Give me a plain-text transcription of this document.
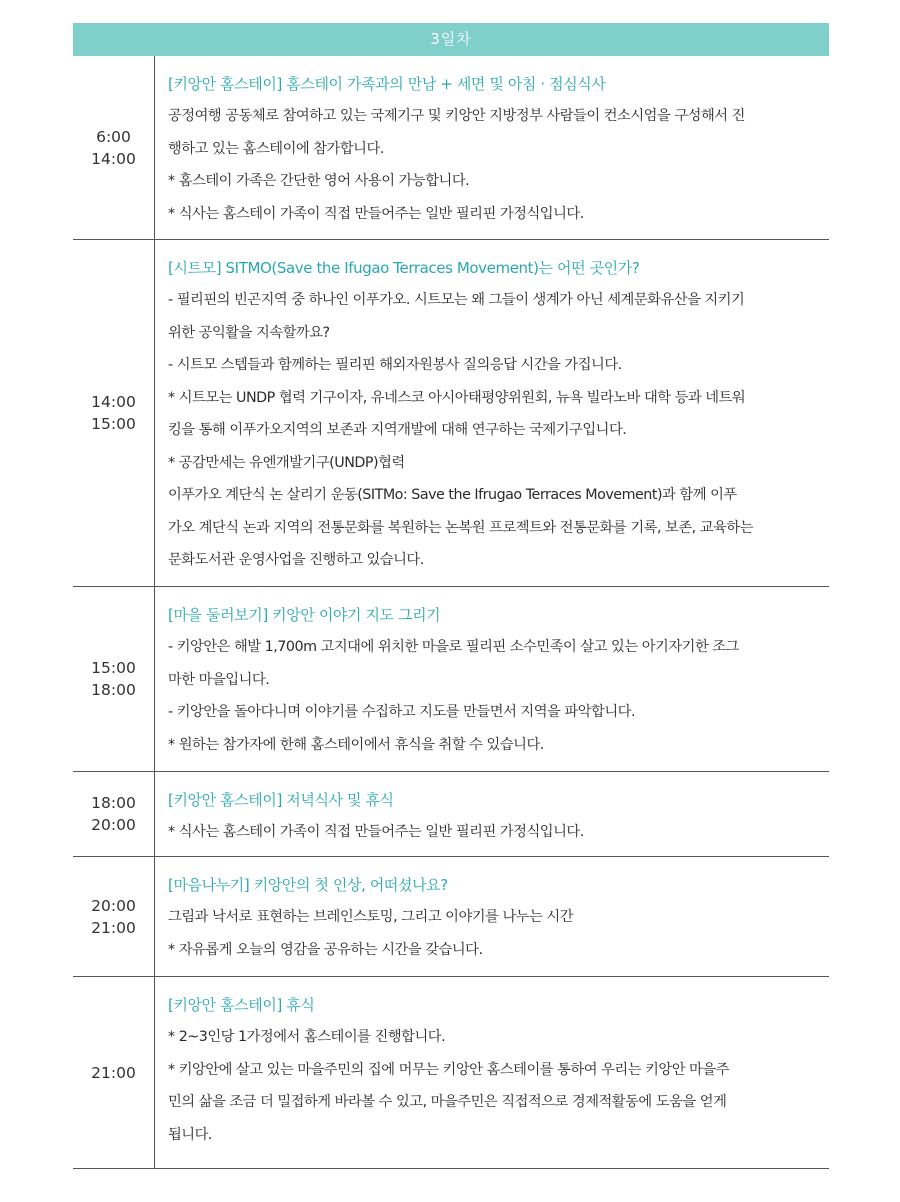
3일차
6:00
14:00
[키앙안 홈스테이] 홈스테이 가족과의 만남 + 세면 및 아침 · 점심식사
공정여행 공동체로 참여하고 있는 국제기구 및 키앙안 지방정부 사람들이 컨소시엄을 구성해서 진
행하고 있는 홈스테이에 참가합니다.
* 홈스테이 가족은 간단한 영어 사용이 가능합니다.
* 식사는 홈스테이 가족이 직접 만들어주는 일반 필리핀 가정식입니다.
14:00
15:00
[시트모] SITMO(Save the Ifugao Terraces Movement)는 어떤 곳인가?
- 필리핀의 빈곤지역 중 하나인 이푸가오. 시트모는 왜 그들이 생계가 아닌 세계문화유산을 지키기
위한 공익활을 지속할까요?
- 시트모 스텝들과 함께하는 필리핀 해외자원봉사 질의응답 시간을 가집니다.
* 시트모는 UNDP 협력 기구이자, 유네스코 아시아태평양위원회, 뉴욕 빌라노바 대학 등과 네트워
킹을 통해 이푸가오지역의 보존과 지역개발에 대해 연구하는 국제기구입니다.
* 공감만세는 유엔개발기구(UNDP)협력
이푸가오 계단식 논 살리기 운동(SITMo: Save the Ifrugao Terraces Movement)과 함께 이푸
가오 계단식 논과 지역의 전통문화를 복원하는 논복원 프로젝트와 전통문화를 기록, 보존, 교육하는
문화도서관 운영사업을 진행하고 있습니다.
15:00
18:00
[마을 둘러보기] 키앙안 이야기 지도 그리기
- 키앙안은 해발 1,700m 고지대에 위치한 마을로 필리핀 소수민족이 살고 있는 아기자기한 조그
마한 마을입니다.
- 키앙안을 돌아다니며 이야기를 수집하고 지도를 만들면서 지역을 파악합니다.
* 원하는 참가자에 한해 홈스테이에서 휴식을 취할 수 있습니다.
18:00
20:00
[키앙안 홈스테이] 저녁식사 및 휴식
* 식사는 홈스테이 가족이 직접 만들어주는 일반 필리핀 가정식입니다.
20:00
21:00
[마음나누기] 키앙안의 첫 인상, 어떠셨나요?
그림과 낙서로 표현하는 브레인스토밍, 그리고 이야기를 나누는 시간
* 자유롭게 오늘의 영감을 공유하는 시간을 갖습니다.
21:00
[키앙안 홈스테이] 휴식
* 2~3인당 1가정에서 홈스테이를 진행합니다.
* 키앙안에 살고 있는 마을주민의 집에 머무는 키앙안 홈스테이를 통하여 우리는 키앙안 마을주
민의 삶을 조금 더 밀접하게 바라볼 수 있고, 마을주민은 직접적으로 경제적활동에 도움을 얻게
됩니다.
